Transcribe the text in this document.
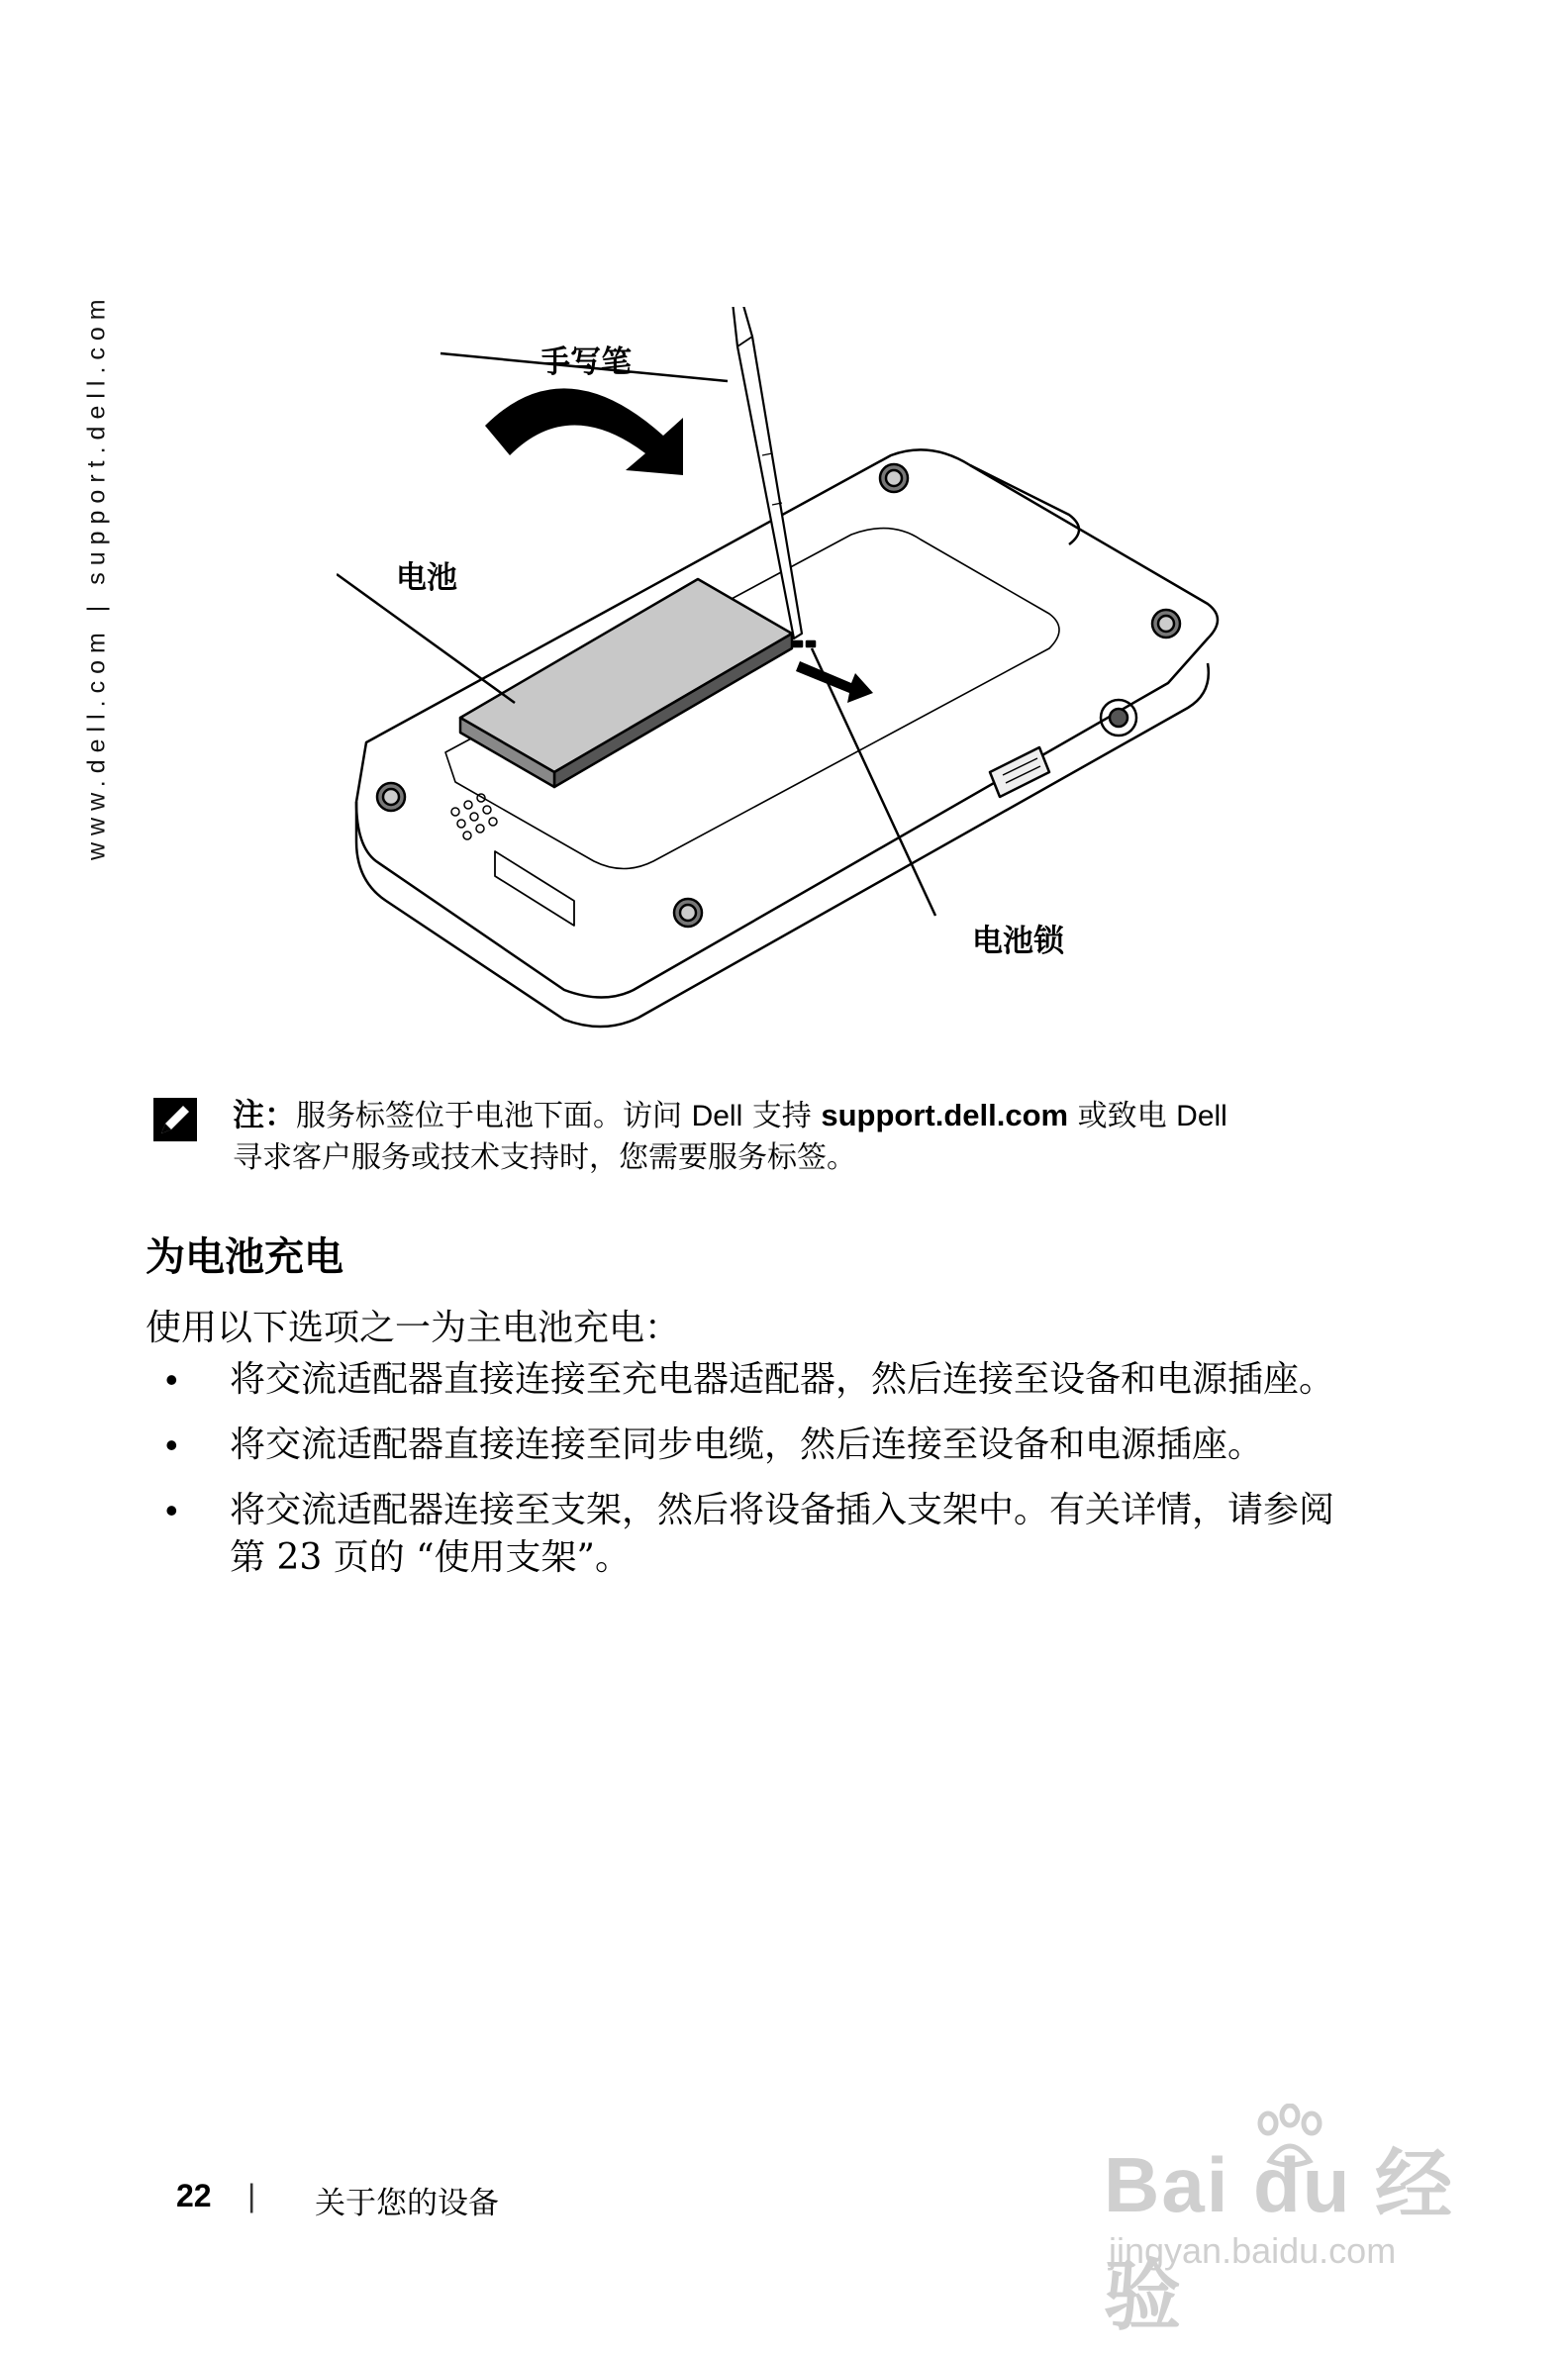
www.dell.com | support.dell.com	手写笔
电池
电池锁
注：服务标签位于电池下面。访问 Dell 支持 support.dell.com 或致电 Dell
寻求客户服务或技术支持时，您需要服务标签。
为电池充电
使用以下选项之一为主电池充电：
• 将交流适配器直接连接至充电器适配器，然后连接至设备和电源插座。
• 将交流适配器直接连接至同步电缆，然后连接至设备和电源插座。
• 将交流适配器连接至支架，然后将设备插入支架中。有关详情，请参阅第 23 页的 “使用支架”。
22 | 关于您的设备	Bai du 经验
jingyan.baidu.com
